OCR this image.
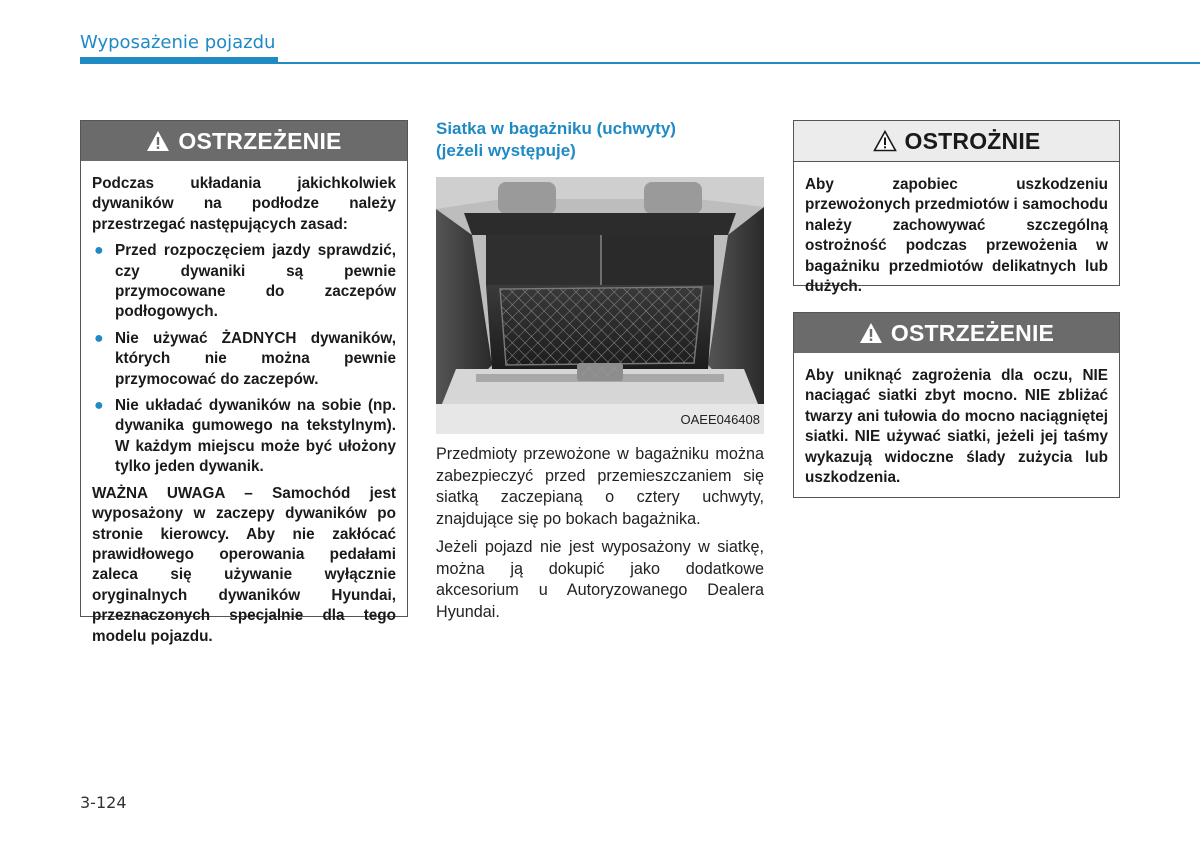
Wyposażenie pojazdu
OSTRZEŻENIE

Podczas układania jakichkolwiek dywaników na podłodze należy przestrzegać następujących zasad:

● Przed rozpoczęciem jazdy sprawdzić, czy dywaniki są pewnie przymocowane do zaczepów podłogowych.
● Nie używać ŻADNYCH dywaników, których nie można pewnie przymocować do zaczepów.
● Nie układać dywaników na sobie (np. dywanika gumowego na tekstylnym). W każdym miejscu może być ułożony tylko jeden dywanik.

WAŻNA UWAGA – Samochód jest wyposażony w zaczepy dywaników po stronie kierowcy. Aby nie zakłócać prawidłowego operowania pedałami zaleca się używanie wyłącznie oryginalnych dywaników Hyundai, przeznaczonych specjalnie dla tego modelu pojazdu.

Siatka w bagażniku (uchwyty)
(jeżeli występuje)
OAEE046408

Przedmioty przewożone w bagażniku można zabezpieczyć przed przemieszczaniem się siatką zaczepianą o cztery uchwyty, znajdujące się po bokach bagażnika.

Jeżeli pojazd nie jest wyposażony w siatkę, można ją dokupić jako dodatkowe akcesorium u Autoryzowanego Dealera Hyundai.

OSTROŻNIE

Aby zapobiec uszkodzeniu przewożonych przedmiotów i samochodu należy zachowywać szczególną ostrożność podczas przewożenia w bagażniku przedmiotów delikatnych lub dużych.

OSTRZEŻENIE

Aby uniknąć zagrożenia dla oczu, NIE naciągać siatki zbyt mocno. NIE zbliżać twarzy ani tułowia do mocno naciągniętej siatki. NIE używać siatki, jeżeli jej taśmy wykazują widoczne ślady zużycia lub uszkodzenia.

3-124
